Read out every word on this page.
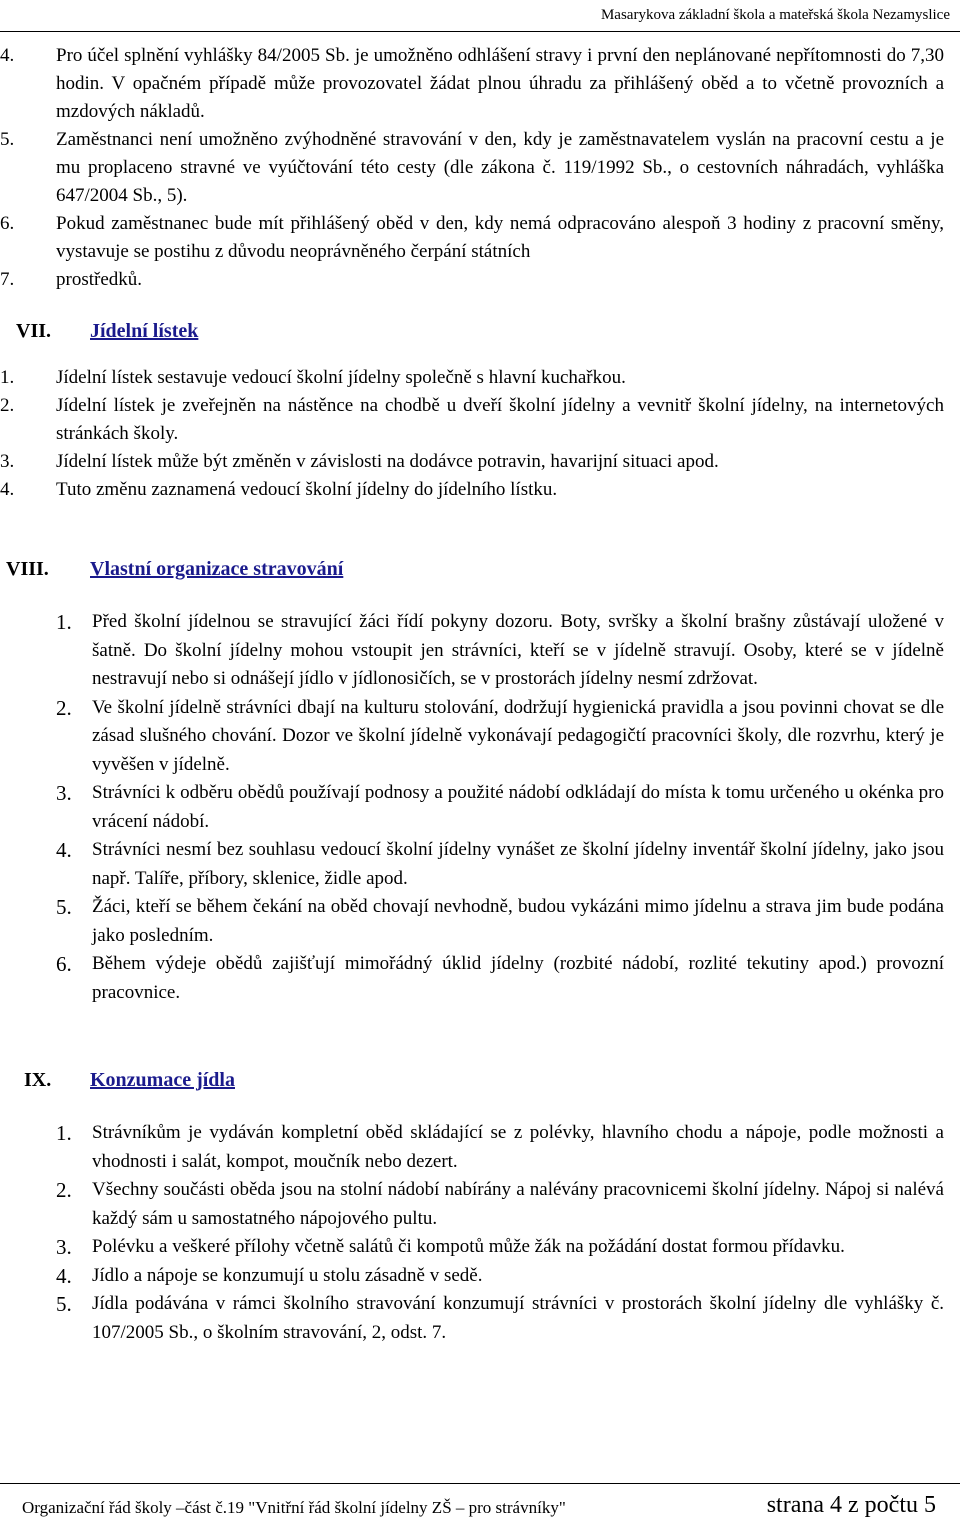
Masarykova základní škola a mateřská škola Nezamyslice
4. Pro účel splnění vyhlášky 84/2005 Sb. je umožněno odhlášení stravy i první den neplánované nepřítomnosti do 7,30 hodin. V opačném případě může provozovatel žádat plnou úhradu za přihlášený oběd a to včetně provozních a mzdových nákladů.
5. Zaměstnanci není umožněno zvýhodněné stravování v den, kdy je zaměstnavatelem vyslán na pracovní cestu a je mu proplaceno stravné ve vyúčtování této cesty (dle zákona č. 119/1992 Sb., o cestovních náhradách, vyhláška 647/2004 Sb., 5).
6. Pokud zaměstnanec bude mít přihlášený oběd v den, kdy nemá odpracováno alespoň 3 hodiny z pracovní směny, vystavuje se postihu z důvodu neoprávněného čerpání státních
7. prostředků.
VII. Jídelní lístek
1. Jídelní lístek sestavuje vedoucí školní jídelny společně s hlavní kuchařkou.
2. Jídelní lístek je zveřejněn na nástěnce na chodbě u dveří školní jídelny a vevnitř školní jídelny, na internetových stránkách školy.
3. Jídelní lístek může být změněn v závislosti na dodávce potravin, havarijní situaci apod.
4. Tuto změnu zaznamená vedoucí školní jídelny do jídelního lístku.
VIII. Vlastní organizace stravování
1. Před školní jídelnou se stravující žáci řídí pokyny dozoru. Boty, svršky a školní brašny zůstávají uložené v šatně. Do školní jídelny mohou vstoupit jen strávníci, kteří se v jídelně stravují. Osoby, které se v jídelně nestravují nebo si odnášejí jídlo v jídlonosičích, se v prostorách jídelny nesmí zdržovat.
2. Ve školní jídelně strávníci dbají na kulturu stolování, dodržují hygienická pravidla a jsou povinni chovat se dle zásad slušného chování. Dozor ve školní jídelně vykonávají pedagogičtí pracovníci školy, dle rozvrhu, který je vyvěšen v jídelně.
3. Strávníci k odběru obědů používají podnosy a použité nádobí odkládají do místa k tomu určeného u okénka pro vrácení nádobí.
4. Strávníci nesmí bez souhlasu vedoucí školní jídelny vynášet ze školní jídelny inventář školní jídelny, jako jsou např. Talíře, příbory, sklenice, židle apod.
5. Žáci, kteří se během čekání na oběd chovají nevhodně, budou vykázáni mimo jídelnu a strava jim bude podána jako posledním.
6. Během výdeje obědů zajišťují mimořádný úklid jídelny (rozbité nádobí, rozlité tekutiny apod.) provozní pracovnice.
IX. Konzumace jídla
1. Strávníkům je vydáván kompletní oběd skládající se z polévky, hlavního chodu a nápoje, podle možnosti a vhodnosti i salát, kompot, moučník nebo dezert.
2. Všechny součásti oběda jsou na stolní nádobí nabírány a nalévány pracovnicemi školní jídelny. Nápoj si nalévá každý sám u samostatného nápojového pultu.
3. Polévku a veškeré přílohy včetně salátů či kompotů může žák na požádání dostat formou přídavku.
4. Jídlo a nápoje se konzumují u stolu zásadně v sedě.
5. Jídla podávána v rámci školního stravování konzumují strávníci v prostorách školní jídelny dle vyhlášky č. 107/2005 Sb., o školním stravování, 2, odst. 7.
Organizační řád školy –část č.19 "Vnitřní řád školní jídelny ZŠ – pro strávníky"	strana 4 z počtu 5
